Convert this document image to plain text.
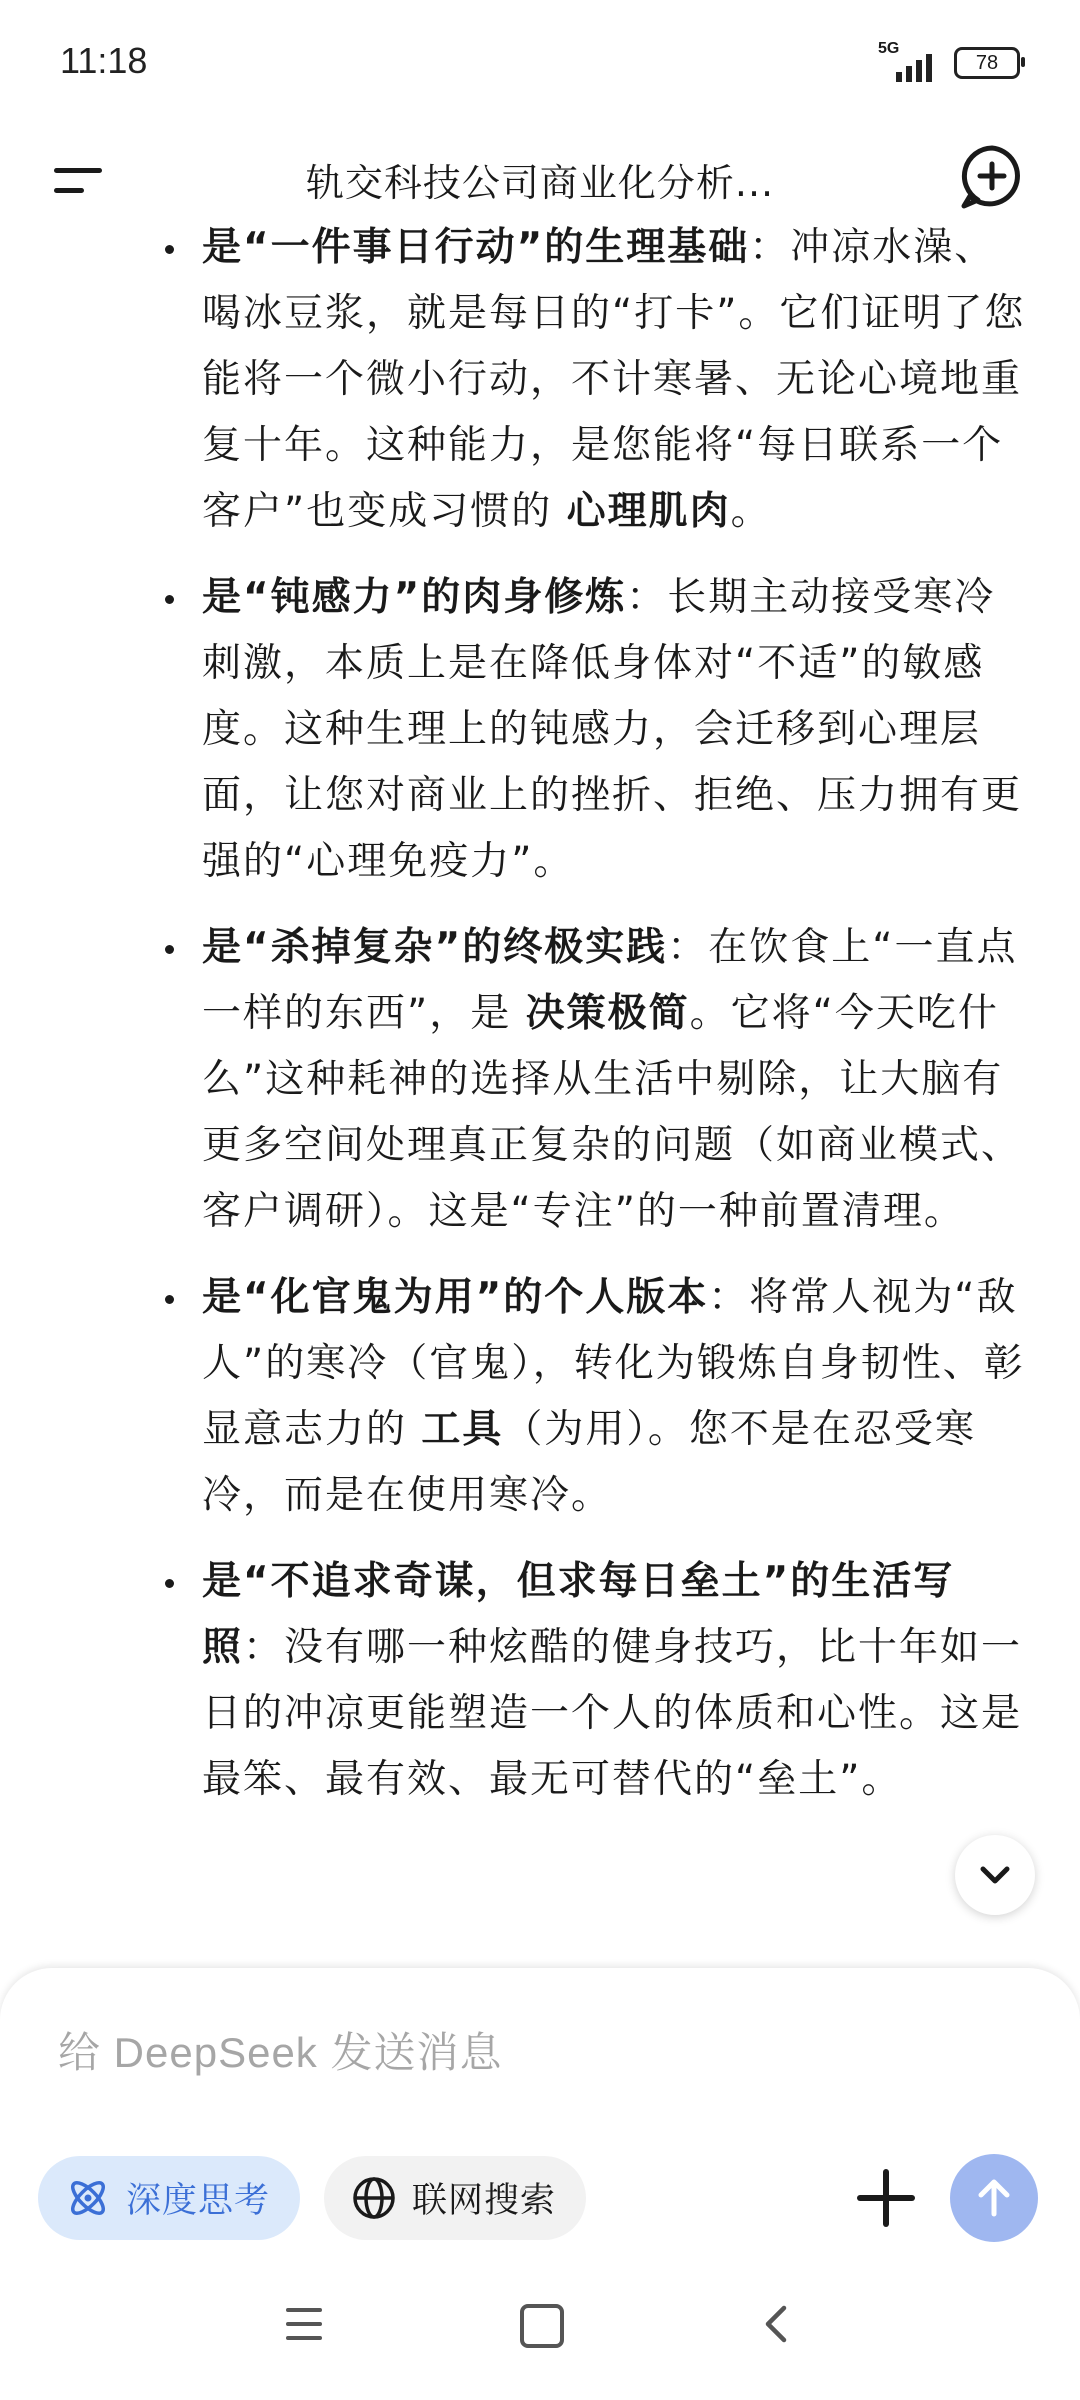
11:18	5G
78
轨交科技公司商业化分析...
是“一件事日行动”的生理基础：冲凉水澡、喝冰豆浆，就是每日的“打卡”。它们证明了您能将一个微小行动，不计寒暑、无论心境地重复十年。这种能力，是您能将“每日联系一个客户”也变成习惯的 心理肌肉。
是“钝感力”的肉身修炼：长期主动接受寒冷刺激，本质上是在降低身体对“不适”的敏感度。这种生理上的钝感力，会迁移到心理层面，让您对商业上的挫折、拒绝、压力拥有更强的“心理免疫力”。
是“杀掉复杂”的终极实践：在饮食上“一直点一样的东西”，是 决策极简。它将“今天吃什么”这种耗神的选择从生活中剔除，让大脑有更多空间处理真正复杂的问题（如商业模式、客户调研）。这是“专注”的一种前置清理。
是“化官鬼为用”的个人版本：将常人视为“敌人”的寒冷（官鬼），转化为锻炼自身韧性、彰显意志力的 工具（为用）。您不是在忍受寒冷，而是在使用寒冷。
是“不追求奇谋，但求每日垒土”的生活写照：没有哪一种炫酷的健身技巧，比十年如一日的冲凉更能塑造一个人的体质和心性。这是最笨、最有效、最无可替代的“垒土”。
给 DeepSeek 发送消息
深度思考	联网搜索
